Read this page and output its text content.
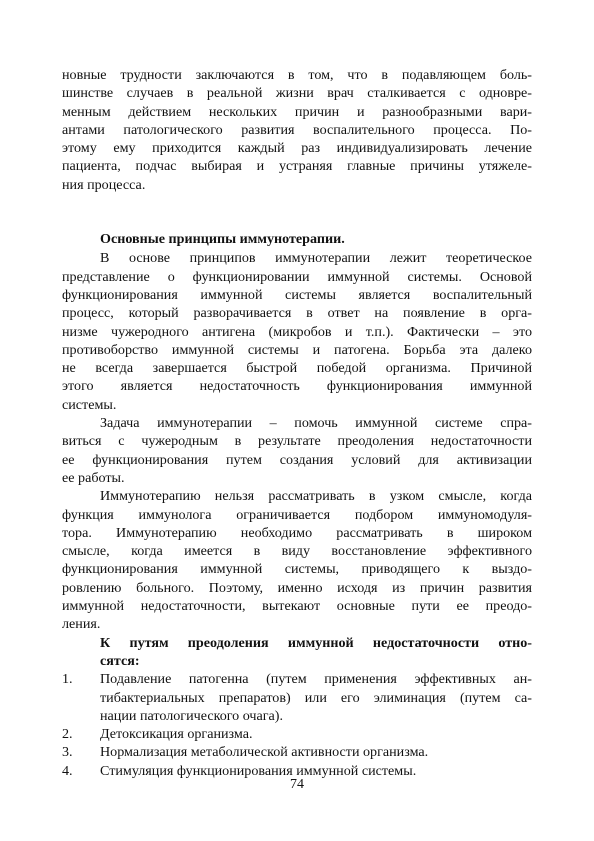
новные трудности заключаются в том, что в подавляющем боль-
шинстве случаев в реальной жизни врач сталкивается с одновре-
менным действием нескольких причин и разнообразными вари-
антами патологического развития воспалительного процесса. По-
этому ему приходится каждый раз индивидуализировать лечение
пациента, подчас выбирая и устраняя главные причины утяжеле-
ния процесса.
Основные принципы иммунотерапии.
В основе принципов иммунотерапии лежит теоретическое
представление о функционировании иммунной системы. Основой
функционирования иммунной системы является воспалительный
процесс, который разворачивается в ответ на появление в орга-
низме чужеродного антигена (микробов и т.п.). Фактически – это
противоборство иммунной системы и патогена. Борьба эта далеко
не всегда завершается быстрой победой организма. Причиной
этого является недостаточность функционирования иммунной
системы.
Задача иммунотерапии – помочь иммунной системе спра-
виться с чужеродным в результате преодоления недостаточности
ее функционирования путем создания условий для активизации
ее работы.
Иммунотерапию нельзя рассматривать в узком смысле, когда
функция иммунолога ограничивается подбором иммуномодуля-
тора. Иммунотерапию необходимо рассматривать в широком
смысле, когда имеется в виду восстановление эффективного
функционирования иммунной системы, приводящего к выздо-
ровлению больного. Поэтому, именно исходя из причин развития
иммунной недостаточности, вытекают основные пути ее преодо-
ления.
К путям преодоления иммунной недостаточности отно-
сятся:
1. Подавление патогенна (путем применения эффективных ан-
тибактериальных препаратов) или его элиминация (путем са-
нации патологического очага).
2. Детоксикация организма.
3. Нормализация метаболической активности организма.
4. Стимуляция функционирования иммунной системы.
74
